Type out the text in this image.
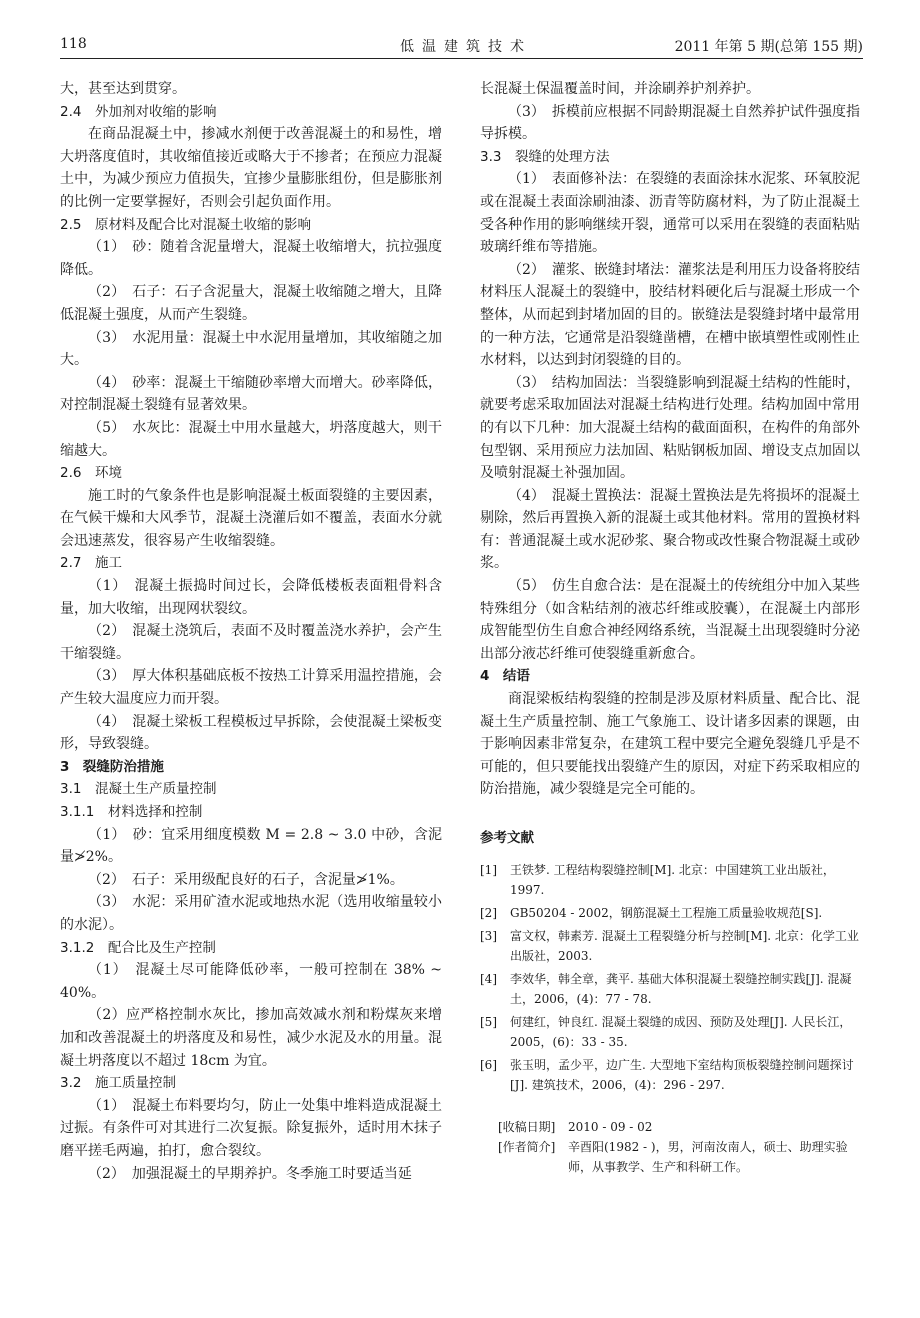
118	低温建筑技术	2011 年第 5 期(总第 155 期)

大，甚至达到贯穿。

2.4　外加剂对收缩的影响

在商品混凝土中，掺减水剂便于改善混凝土的和易性，增大坍落度值时，其收缩值接近或略大于不掺者；在预应力混凝土中，为减少预应力值损失，宜掺少量膨胀组份，但是膨胀剂的比例一定要掌握好，否则会引起负面作用。

2.5　原材料及配合比对混凝土收缩的影响

（1）　砂：随着含泥量增大，混凝土收缩增大，抗拉强度降低。

（2）　石子：石子含泥量大，混凝土收缩随之增大，且降低混凝土强度，从而产生裂缝。

（3）　水泥用量：混凝土中水泥用量增加，其收缩随之加大。

（4）　砂率：混凝土干缩随砂率增大而增大。砂率降低，对控制混凝土裂缝有显著效果。

（5）　水灰比：混凝土中用水量越大，坍落度越大，则干缩越大。

2.6　环境

施工时的气象条件也是影响混凝土板面裂缝的主要因素，在气候干燥和大风季节，混凝土浇灌后如不覆盖，表面水分就会迅速蒸发，很容易产生收缩裂缝。

2.7　施工

（1）　混凝土振捣时间过长，会降低楼板表面粗骨料含量，加大收缩，出现网状裂纹。

（2）　混凝土浇筑后，表面不及时覆盖浇水养护，会产生干缩裂缝。

（3）　厚大体积基础底板不按热工计算采用温控措施，会产生较大温度应力而开裂。

（4）　混凝土梁板工程模板过早拆除，会使混凝土梁板变形，导致裂缝。

3　裂缝防治措施

3.1　混凝土生产质量控制

3.1.1　材料选择和控制

（1）　砂：宜采用细度模数 M = 2.8 ~ 3.0 中砂，含泥量≯2%。

（2）　石子：采用级配良好的石子，含泥量≯1%。

（3）　水泥：采用矿渣水泥或地热水泥（选用收缩量较小的水泥）。

3.1.2　配合比及生产控制

（1）　混凝土尽可能降低砂率，一般可控制在 38% ~ 40%。

（2）应严格控制水灰比，掺加高效减水剂和粉煤灰来增加和改善混凝土的坍落度及和易性，减少水泥及水的用量。混凝土坍落度以不超过 18cm 为宜。

3.2　施工质量控制

（1）　混凝土布料要均匀，防止一处集中堆料造成混凝土过振。有条件可对其进行二次复振。除复振外，适时用木抹子磨平搓毛两遍，拍打，愈合裂纹。

（2）　加强混凝土的早期养护。冬季施工时要适当延

长混凝土保温覆盖时间，并涂刷养护剂养护。

（3）　拆模前应根据不同龄期混凝土自然养护试件强度指导拆模。

3.3　裂缝的处理方法

（1）　表面修补法：在裂缝的表面涂抹水泥浆、环氧胶泥或在混凝土表面涂刷油漆、沥青等防腐材料，为了防止混凝土受各种作用的影响继续开裂，通常可以采用在裂缝的表面粘贴玻璃纤维布等措施。

（2）　灌浆、嵌缝封堵法：灌浆法是利用压力设备将胶结材料压人混凝土的裂缝中，胶结材料硬化后与混凝土形成一个整体，从而起到封堵加固的目的。嵌缝法是裂缝封堵中最常用的一种方法，它通常是沿裂缝凿槽，在槽中嵌填塑性或刚性止水材料，以达到封闭裂缝的目的。

（3）　结构加固法：当裂缝影响到混凝土结构的性能时，就要考虑采取加固法对混凝土结构进行处理。结构加固中常用的有以下几种：加大混凝土结构的截面面积，在构件的角部外包型钢、采用预应力法加固、粘贴钢板加固、增设支点加固以及喷射混凝土补强加固。

（4）　混凝土置换法：混凝土置换法是先将损坏的混凝土剔除，然后再置换入新的混凝土或其他材料。常用的置换材料有：普通混凝土或水泥砂浆、聚合物或改性聚合物混凝土或砂浆。

（5）　仿生自愈合法：是在混凝土的传统组分中加入某些特殊组分（如含粘结剂的液芯纤维或胶囊），在混凝土内部形成智能型仿生自愈合神经网络系统，当混凝土出现裂缝时分泌出部分液芯纤维可使裂缝重新愈合。

4　结语

商混梁板结构裂缝的控制是涉及原材料质量、配合比、混凝土生产质量控制、施工气象施工、设计诸多因素的课题，由于影响因素非常复杂，在建筑工程中要完全避免裂缝几乎是不可能的，但只要能找出裂缝产生的原因，对症下药采取相应的防治措施，减少裂缝是完全可能的。

参考文献

[1]	王铁梦. 工程结构裂缝控制[M]. 北京：中国建筑工业出版社，1997.
[2]	GB50204 - 2002，钢筋混凝土工程施工质量验收规范[S].
[3]	富文权，韩素芳. 混凝土工程裂缝分析与控制[M]. 北京：化学工业出版社，2003.
[4]	李效华，韩全章，龚平. 基础大体积混凝土裂缝控制实践[J]. 混凝土，2006，(4)：77 - 78.
[5]	何建红，钟良红. 混凝土裂缝的成因、预防及处理[J]. 人民长江，2005，(6)：33 - 35.
[6]	张玉明，孟少平，边广生. 大型地下室结构顶板裂缝控制问题探讨[J]. 建筑技术，2006，(4)：296 - 297.
[收稿日期]	2010 - 09 - 02
[作者简介]	辛酉阳(1982 - )，男，河南汝南人，硕士、助理实验师，从事教学、生产和科研工作。
